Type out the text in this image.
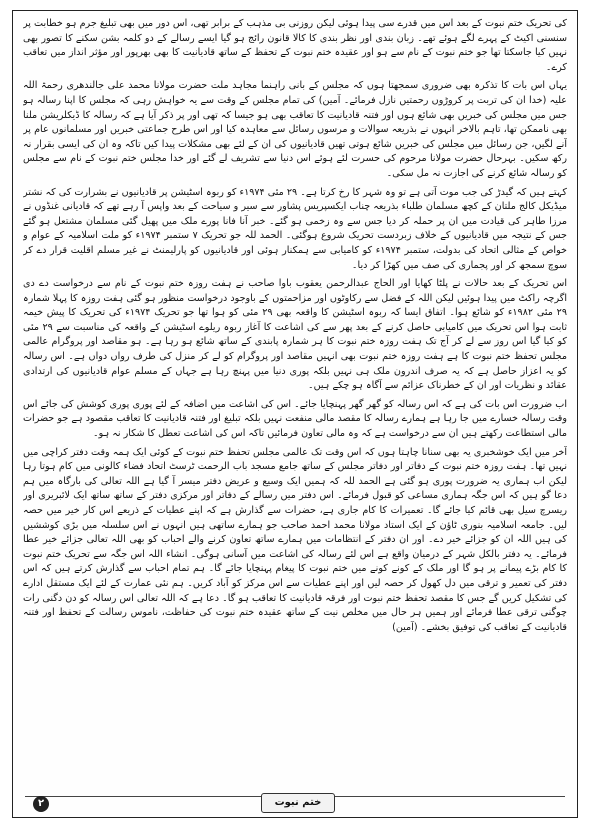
کی تحریک ختم نبوت کے بعد اس میں قدرے سی پیدا ہوئی لیکن روزنی بی مذہب کے برابر تھی، اس دور میں بھی تبلیغ جرم ہو خطابت پر سنسنی اکیٹ کے پہرے لگے ہوئے تھے۔ زبان بندی اور نظر بندی کا کالا قانون رائج ہو گیا ایسے رسالے کے دو کلمہ بشن سکنے کا تصور بھی نہیں کیا جاسکتا تھا جو ختم نبوت کے نام سے ہو اور عقیدہ ختم نبوت کے تحفظ کے ساتھ قادیانیت کا بھی بھرپور اور مؤثر انداز میں تعاقب کرے۔

یہاں اس بات کا تذکرہ بھی ضروری سمجھتا ہوں کہ مجلس کے بانی راہنما مجاہد ملت حضرت مولانا محمد علی جالندھری رحمۃ اللہ علیہ (خدا ان کی تربت پر کروڑوں رحمتیں نازل فرمائے۔ آمین) کی تمام مجلس کے وقت سے یہ خواہش رہی کہ مجلس کا اپنا رسالہ ہو جس میں مجلس کی خبریں بھی شائع ہوں اور فتنہ قادیانیت کا تعاقب بھی ہو جیسا کہ تھی اور پر ذکر آیا ہے کہ رسالہ کا ڈیکلریشن ملنا بھی ناممکن تھا، تاہم بالاخر انہوں نے بذریعہ سوالات و مرسوں رسائل سے معاہدہ کیا اور اس طرح جماعتی خبریں اور مسلمانوں عام پر آنے لگیں، جن رسائل میں مجلس کی خبریں شائع ہوتی تھیں قادیانیوں کی ان کے لئے بھی مشکلات پیدا کیں تاکہ وہ ان کی ایسی بقرار نہ رکھ سکیں۔ بہرحال حضرت مولانا مرحوم کی حسرت لئے ہوئے اس دنیا سے تشریف لے گئے اور خدا مجلس ختم نبوت کے نام سے مجلس کو رسالہ شائع کرنے کی اجازت نہ مل سکی۔

کہتے ہیں کہ گیدڑ کی جب موت آتی ہے تو وہ شہر کا رخ کرتا ہے۔ ۲۹ مئی ۱۹۷۴ء کو ربوہ اسٹیشن پر قادیانیوں نے بشرارت کی کہ نشتر میڈیکل کالج ملتان کے کچھ مسلمان طلباء بذریعہ چناب ایکسپریس پشاور سے سیر و سیاحت کے بعد واپس آ رہے تھے کہ قادیانی غنڈوں نے مرزا طاہر کی قیادت میں ان پر حملہ کر دیا جس سے وہ زخمی ہو گئے۔ خبر آنا فانا پورے ملک میں پھیل گئی مسلمان مشتعل ہو گئے جس کے نتیجہ میں قادیانیوں کے خلاف زبردست تحریک شروع ہوگئی۔ الحمد للہ جو تحریک ۷ ستمبر ۱۹۷۴ء کو ملت اسلامیہ کے عوام و خواص کے مثالی اتحاد کی بدولت، ستمبر ۱۹۷۴ء کو کامیابی سے ہمکنار ہوئی اور قادیانیوں کو پارلیمنٹ نے غیر مسلم اقلیت قرار دے کر سوچ سمجھ کر اور پجماری کی صف میں کھڑا کر دیا۔

اس تحریک کے بعد حالات نے پلٹا کھایا اور الحاج عبدالرحمن یعقوب باوا صاحب نے ہفت روزہ ختم نبوت کے نام سے درخواست دے دی اگرچہ راکٹ میں پیدا ہوئیں لیکن اللہ کے فضل سے رکاوٹوں اور مزاحمتوں کے باوجود درخواست منظور ہو گئی ہفت روزہ کا پہلا شمارہ ۲۹ مئی ۱۹۸۲ء کو شائع ہوا۔ اتفاق ایسا کہ ربوہ اسٹیشن کا واقعہ بھی ۲۹ مئی کو ہوا تھا جو تحریک ۱۹۷۴ء کی تحریک کا پیش خیمہ ثابت ہوا اس تحریک میں کامیابی حاصل کرنے کے بعد پھر سے کی اشاعت کا آغاز ربوہ ریلوے اسٹیشن کے واقعہ کی مناسبت سے ۲۹ مئی کو کیا گیا اس روز سے لے کر آج تک ہفت روزہ ختم نبوت کا ہر شمارہ پابندی کے ساتھ شائع ہو رہا ہے۔ ہو مقاصد اور پروگرام عالمی مجلس تحفظ ختم نبوت کا ہے ہفت روزہ ختم نبوت بھی انہیں مقاصد اور پروگرام کو لے کر منزل کی طرف رواں دواں ہے۔ اس رسالہ کو یہ اعزاز حاصل ہے کہ یہ صرف اندرون ملک ہی نہیں بلکہ پوری دنیا میں پہنچ رہا ہے جہاں کے مسلم عوام قادیانیوں کی ارتدادی عقائد و نظریات اور ان کے خطرناک عزائم سے آگاہ ہو چکے ہیں۔

اب ضرورت اس بات کی ہے کہ اس رسالہ کو گھر گھر پہنچایا جائے۔ اس کی اشاعت میں اضافہ کے لئے پوری پوری کوشش کی جائے اس وقت رسالہ خسارے میں جا رہا ہے ہمارے رسالہ کا مقصد مالی منفعت نہیں بلکہ تبلیغ اور فتنہ قادیانیت کا تعاقب مقصود ہے جو حضرات مالی استطاعت رکھتے ہیں ان سے درخواست ہے کہ وہ مالی تعاون فرمائیں تاکہ اس کی اشاعت تعطل کا شکار نہ ہو۔

آخر میں ایک خوشخبری یہ بھی سنانا چاہتا ہوں کہ اس وقت تک عالمی مجلس تحفظ ختم نبوت کے کوئی ایک ہمہ وقت دفتر کراچی میں نہیں تھا۔ ہفت روزہ ختم نبوت کے دفاتر اور دفاتر مجلس کے ساتھ جامع مسجد باب الرحمت ٹرسٹ اتحاد فضاء کالونی میں کام ہوتا رہا لیکن اب ہماری یہ ضرورت پوری ہو گئی ہے الحمد للہ کہ ہمیں ایک وسیع و عریض دفتر میسر آ گیا ہے اللہ تعالی کی بارگاہ میں ہم دعا گو ہیں کہ اس جگہ ہماری مساعی کو قبول فرمائے۔ اس دفتر میں رسالے کے دفاتر اور مرکزی دفتر کے ساتھ ساتھ ایک لائبریری اور ریسرچ سیل بھی قائم کیا جائے گا۔ تعمیرات کا کام جاری ہے، حضرات سے گذارش ہے کہ اپنے عطیات کے ذریعے اس کار خیر میں حصہ لیں۔ جامعہ اسلامیہ بنوری ٹاؤن کے ایک استاد مولانا محمد احمد صاحب جو ہمارے ساتھی ہیں انہوں نے اس سلسلہ میں بڑی کوششیں کی ہیں اللہ ان کو جزائے خیر دے۔ اور ان دفتر کے انتظامات میں ہمارے ساتھ تعاون کرنے والے احباب کو بھی اللہ تعالی جزائے خیر عطا فرمائے۔ یہ دفتر بالکل شہر کے درمیان واقع ہے اس لئے رسالہ کی اشاعت میں آسانی ہوگی۔ انشاء اللہ اس جگہ سے تحریک ختم نبوت کا کام بڑے پیمانے پر ہو گا اور ملک کے کونے کونے میں ختم نبوت کا پیغام پہنچایا جائے گا۔ ہم تمام احباب سے گذارش کرتے ہیں کہ اس دفتر کی تعمیر و ترقی میں دل کھول کر حصہ لیں اور اپنے عطیات سے اس مرکز کو آباد کریں۔ ہم نئی عمارت کے لئے ایک مستقل ادارے کی تشکیل کریں گے جس کا مقصد تحفظ ختم نبوت اور فرقہ قادیانیت کا تعاقب ہو گا۔ دعا ہے کہ اللہ تعالی اس رسالہ کو دن دگنی رات چوگنی ترقی عطا فرمائے اور ہمیں ہر حال میں مخلص نیت کے ساتھ عقیدہ ختم نبوت کی حفاظت، ناموس رسالت کے تحفظ اور فتنہ قادیانیت کے تعاقب کی توفیق بخشے۔ (آمین)

ختم نبوت
۲
